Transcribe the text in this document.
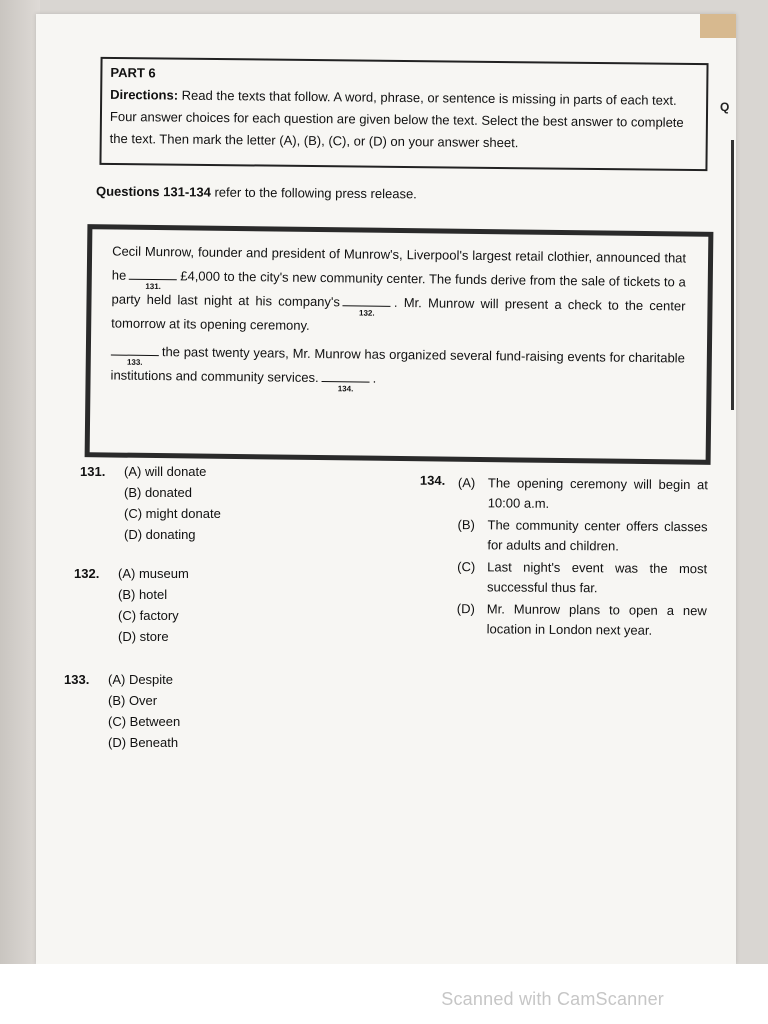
Q

PART 6

Directions: Read the texts that follow. A word, phrase, or sentence is missing in parts of each text. Four answer choices for each question are given below the text. Select the best answer to complete the text. Then mark the letter (A), (B), (C), or (D) on your answer sheet.

Questions 131-134 refer to the following press release.

Cecil Munrow, founder and president of Munrow's, Liverpool's largest retail clothier, announced that he
131. £4,000 to the city's new community center. The funds derive from the sale of tickets to a party held last night at his company's
132. . Mr. Munrow will present a check to the center tomorrow at its opening ceremony.

133. the past twenty years, Mr. Munrow has organized several fund-raising events for charitable institutions and community services.
134.
.

131.	(A) will donate
(B) donated
(C) might donate
(D) donating
132.	(A) museum
(B) hotel
(C) factory
(D) store
133.	(A) Despite
(B) Over
(C) Between
(D) Beneath
134. (A) The opening ceremony will begin at 10:00 a.m.
(B) The community center offers classes for adults and children.
(C) Last night's event was the most successful thus far.
(D) Mr. Munrow plans to open a new location in London next year.
Scanned with CamScanner
